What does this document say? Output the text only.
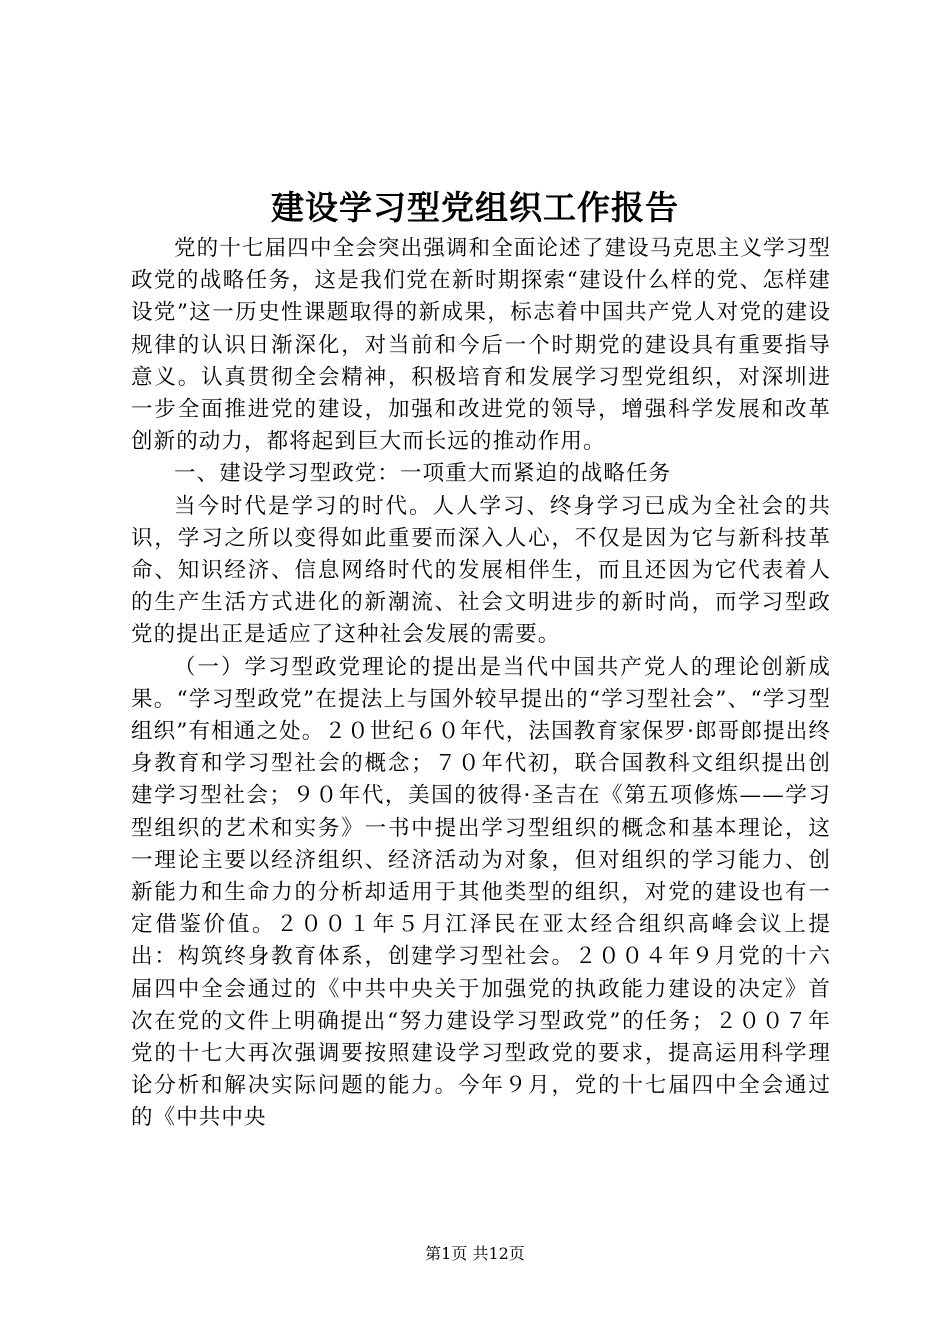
建设学习型党组织工作报告

党的十七届四中全会突出强调和全面论述了建设马克思主义学习型政党的战略任务，这是我们党在新时期探索“建设什么样的党、怎样建设党”这一历史性课题取得的新成果，标志着中国共产党人对党的建设规律的认识日渐深化，对当前和今后一个时期党的建设具有重要指导意义。认真贯彻全会精神，积极培育和发展学习型党组织，对深圳进一步全面推进党的建设，加强和改进党的领导，增强科学发展和改革创新的动力，都将起到巨大而长远的推动作用。

一、建设学习型政党：一项重大而紧迫的战略任务

当今时代是学习的时代。人人学习、终身学习已成为全社会的共识，学习之所以变得如此重要而深入人心，不仅是因为它与新科技革命、知识经济、信息网络时代的发展相伴生，而且还因为它代表着人的生产生活方式进化的新潮流、社会文明进步的新时尚，而学习型政党的提出正是适应了这种社会发展的需要。

（一）学习型政党理论的提出是当代中国共产党人的理论创新成果。“学习型政党”在提法上与国外较早提出的“学习型社会”、“学习型组织”有相通之处。２０世纪６０年代，法国教育家保罗·郎哥郎提出终身教育和学习型社会的概念；７０年代初，联合国教科文组织提出创建学习型社会；９０年代，美国的彼得·圣吉在《第五项修炼——学习型组织的艺术和实务》一书中提出学习型组织的概念和基本理论，这一理论主要以经济组织、经济活动为对象，但对组织的学习能力、创新能力和生命力的分析却适用于其他类型的组织，对党的建设也有一定借鉴价值。２００１年５月江泽民在亚太经合组织高峰会议上提出：构筑终身教育体系，创建学习型社会。２００４年９月党的十六届四中全会通过的《中共中央关于加强党的执政能力建设的决定》首次在党的文件上明确提出“努力建设学习型政党”的任务；２００７年党的十七大再次强调要按照建设学习型政党的要求，提高运用科学理论分析和解决实际问题的能力。今年９月，党的十七届四中全会通过的《中共中央

第1页 共12页
